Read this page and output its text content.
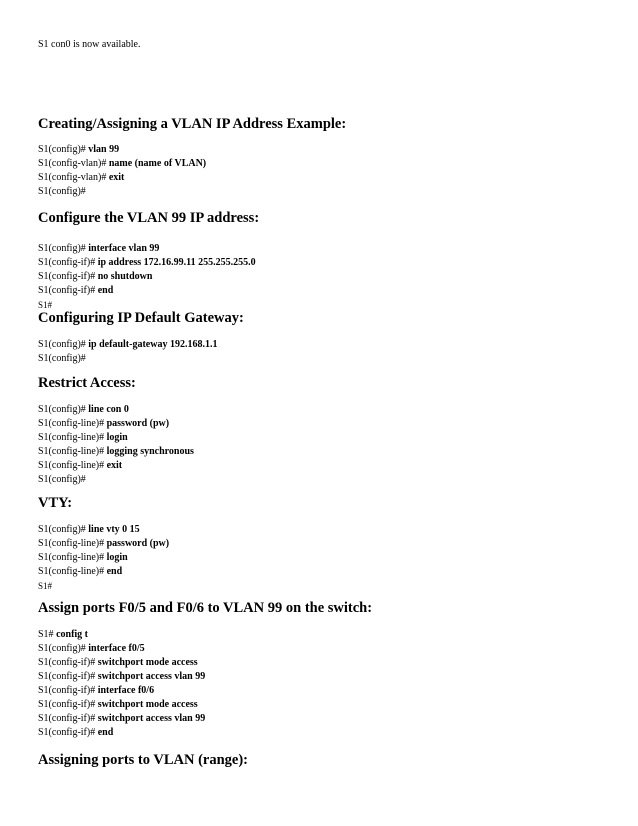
S1 con0 is now available.

Creating/Assigning a VLAN IP Address Example:
S1(config)# vlan 99
S1(config-vlan)# name (name of VLAN)
S1(config-vlan)# exit
S1(config)#
Configure the VLAN 99 IP address:
S1(config)# interface vlan 99
S1(config-if)# ip address 172.16.99.11 255.255.255.0
S1(config-if)# no shutdown
S1(config-if)# end
S1#
Configuring IP Default Gateway:
S1(config)# ip default-gateway 192.168.1.1
S1(config)#
Restrict Access:
S1(config)# line con 0
S1(config-line)# password (pw)
S1(config-line)# login
S1(config-line)# logging synchronous
S1(config-line)# exit
S1(config)#
VTY:
S1(config)# line vty 0 15
S1(config-line)# password (pw)
S1(config-line)# login
S1(config-line)# end
S1#
Assign ports F0/5 and F0/6 to VLAN 99 on the switch:
S1# config t
S1(config)# interface f0/5
S1(config-if)# switchport mode access
S1(config-if)# switchport access vlan 99
S1(config-if)# interface f0/6
S1(config-if)# switchport mode access
S1(config-if)# switchport access vlan 99
S1(config-if)# end
Assigning ports to VLAN (range):
